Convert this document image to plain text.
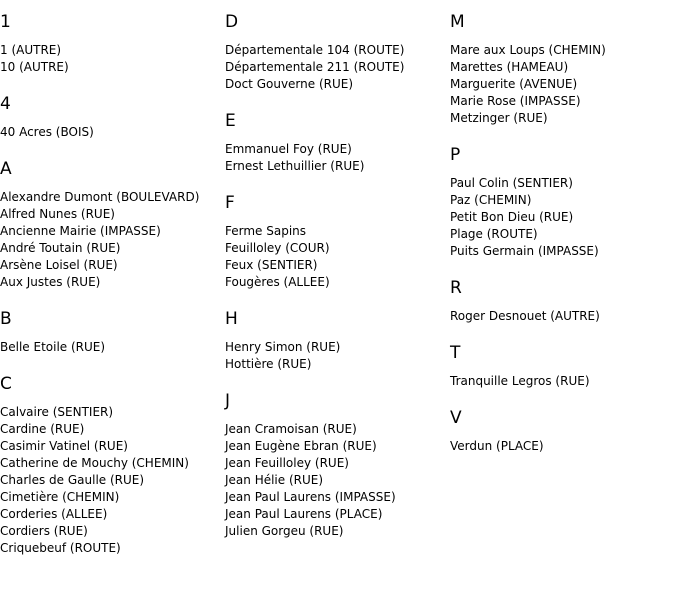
1
1 (AUTRE)
10 (AUTRE)
4
40 Acres (BOIS)
A
Alexandre Dumont (BOULEVARD)
Alfred Nunes (RUE)
Ancienne Mairie (IMPASSE)
André Toutain (RUE)
Arsène Loisel (RUE)
Aux Justes (RUE)
B
Belle Etoile (RUE)
C
Calvaire (SENTIER)
Cardine (RUE)
Casimir Vatinel (RUE)
Catherine de Mouchy (CHEMIN)
Charles de Gaulle (RUE)
Cimetière (CHEMIN)
Corderies (ALLEE)
Cordiers (RUE)
Criquebeuf (ROUTE)
D
Départementale 104 (ROUTE)
Départementale 211 (ROUTE)
Doct Gouverne (RUE)
E
Emmanuel Foy (RUE)
Ernest Lethuillier (RUE)
F
Ferme Sapins
Feuilloley (COUR)
Feux (SENTIER)
Fougères (ALLEE)
H
Henry Simon (RUE)
Hottière (RUE)
J
Jean Cramoisan (RUE)
Jean Eugène Ebran (RUE)
Jean Feuilloley (RUE)
Jean Hélie (RUE)
Jean Paul Laurens (IMPASSE)
Jean Paul Laurens (PLACE)
Julien Gorgeu (RUE)
M
Mare aux Loups (CHEMIN)
Marettes (HAMEAU)
Marguerite (AVENUE)
Marie Rose (IMPASSE)
Metzinger (RUE)
P
Paul Colin (SENTIER)
Paz (CHEMIN)
Petit Bon Dieu (RUE)
Plage (ROUTE)
Puits Germain (IMPASSE)
R
Roger Desnouet (AUTRE)
T
Tranquille Legros (RUE)
V
Verdun (PLACE)
